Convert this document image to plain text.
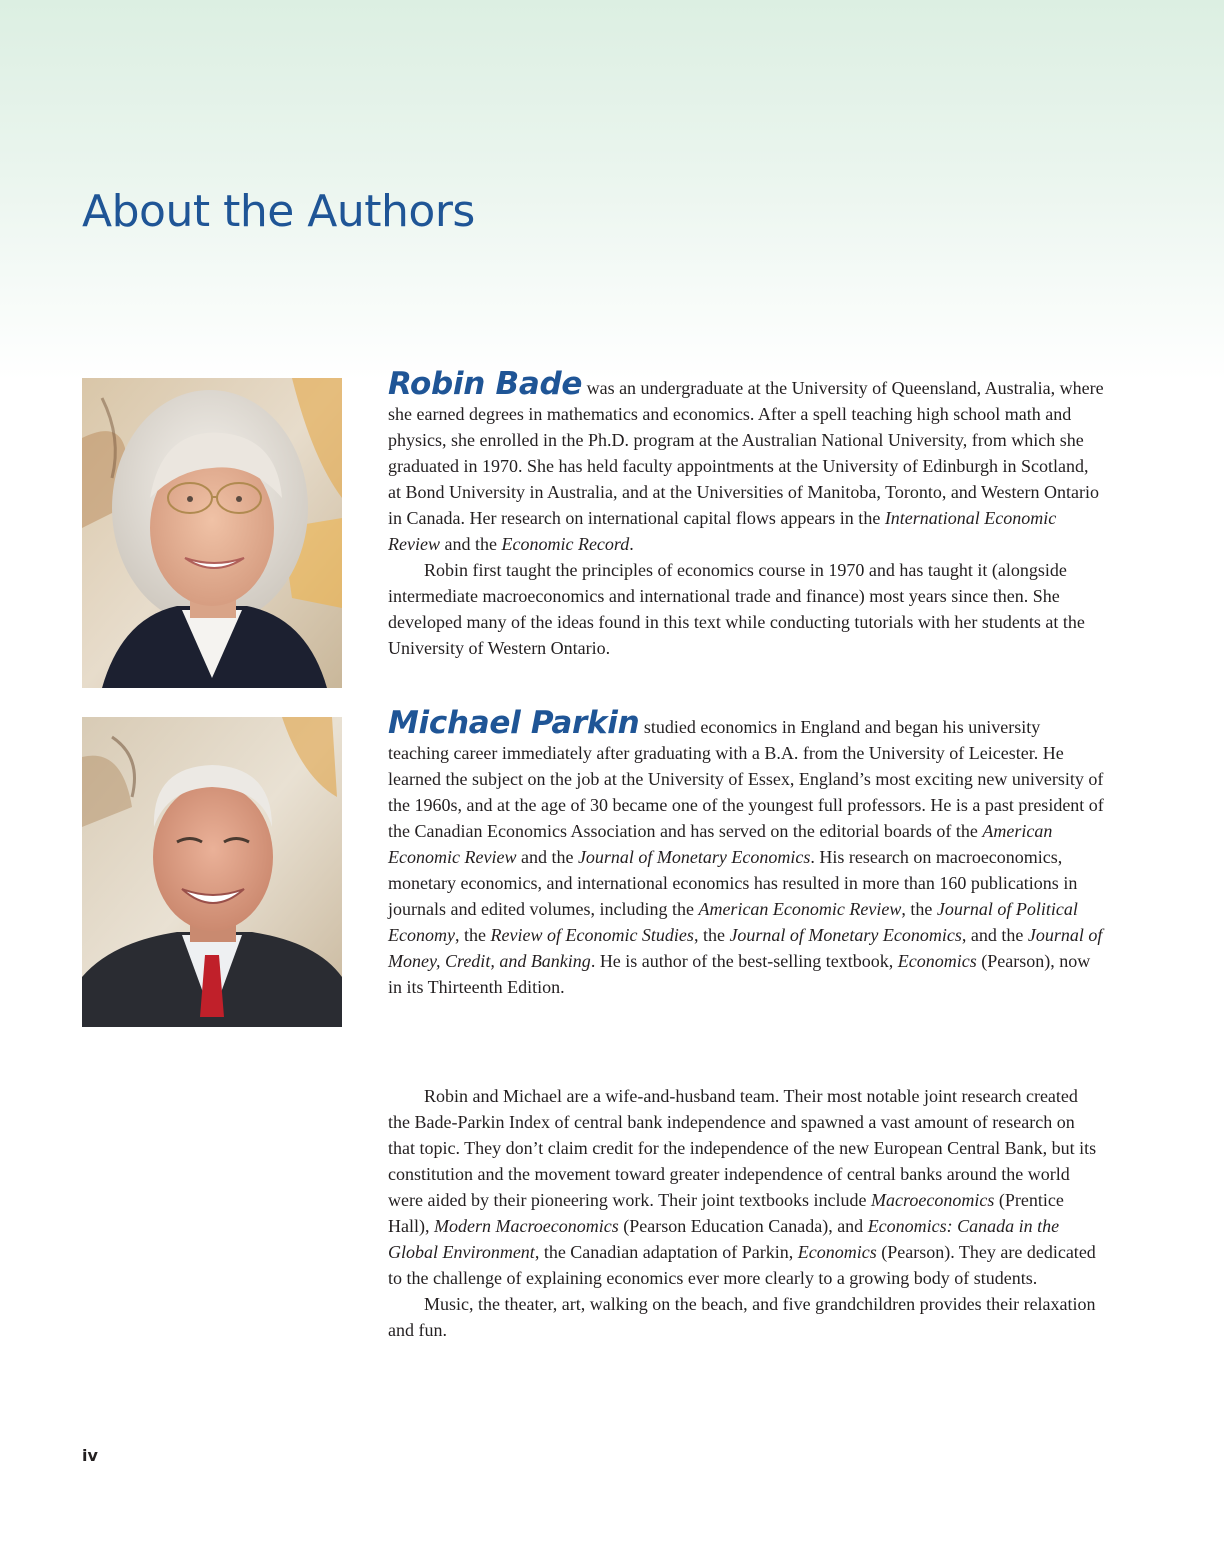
About the Authors

Robin Bade was an undergraduate at the University of Queensland, Australia, where she earned degrees in mathematics and economics. After a spell teaching high school math and physics, she enrolled in the Ph.D. program at the Australian National University, from which she graduated in 1970. She has held faculty appointments at the University of Edinburgh in Scotland, at Bond University in Australia, and at the Universities of Manitoba, Toronto, and Western Ontario in Canada. Her research on international capital flows appears in the International Economic Review and the Economic Record.

Robin first taught the principles of economics course in 1970 and has taught it (alongside intermediate macroeconomics and international trade and finance) most years since then. She developed many of the ideas found in this text while conducting tutorials with her students at the University of Western Ontario.

Michael Parkin studied economics in England and began his university teaching career immediately after graduating with a B.A. from the University of Leicester. He learned the subject on the job at the University of Essex, England’s most exciting new university of the 1960s, and at the age of 30 became one of the youngest full professors. He is a past president of the Canadian Economics Association and has served on the editorial boards of the American Economic Review and the Journal of Monetary Economics. His research on macroeconomics, monetary economics, and international economics has resulted in more than 160 publications in journals and edited volumes, including the American Economic Review, the Journal of Political Economy, the Review of Economic Studies, the Journal of Monetary Economics, and the Journal of Money, Credit, and Banking. He is author of the best-selling textbook, Economics (Pearson), now in its Thirteenth Edition.

Robin and Michael are a wife-and-husband team. Their most notable joint research created the Bade-Parkin Index of central bank independence and spawned a vast amount of research on that topic. They don’t claim credit for the independence of the new European Central Bank, but its constitution and the movement toward greater independence of central banks around the world were aided by their pioneering work. Their joint textbooks include Macroeconomics (Prentice Hall), Modern Macroeconomics (Pearson Education Canada), and Economics: Canada in the Global Environment, the Canadian adaptation of Parkin, Economics (Pearson). They are dedicated to the challenge of explaining economics ever more clearly to a growing body of students.

Music, the theater, art, walking on the beach, and five grandchildren provides their relaxation and fun.

iv
